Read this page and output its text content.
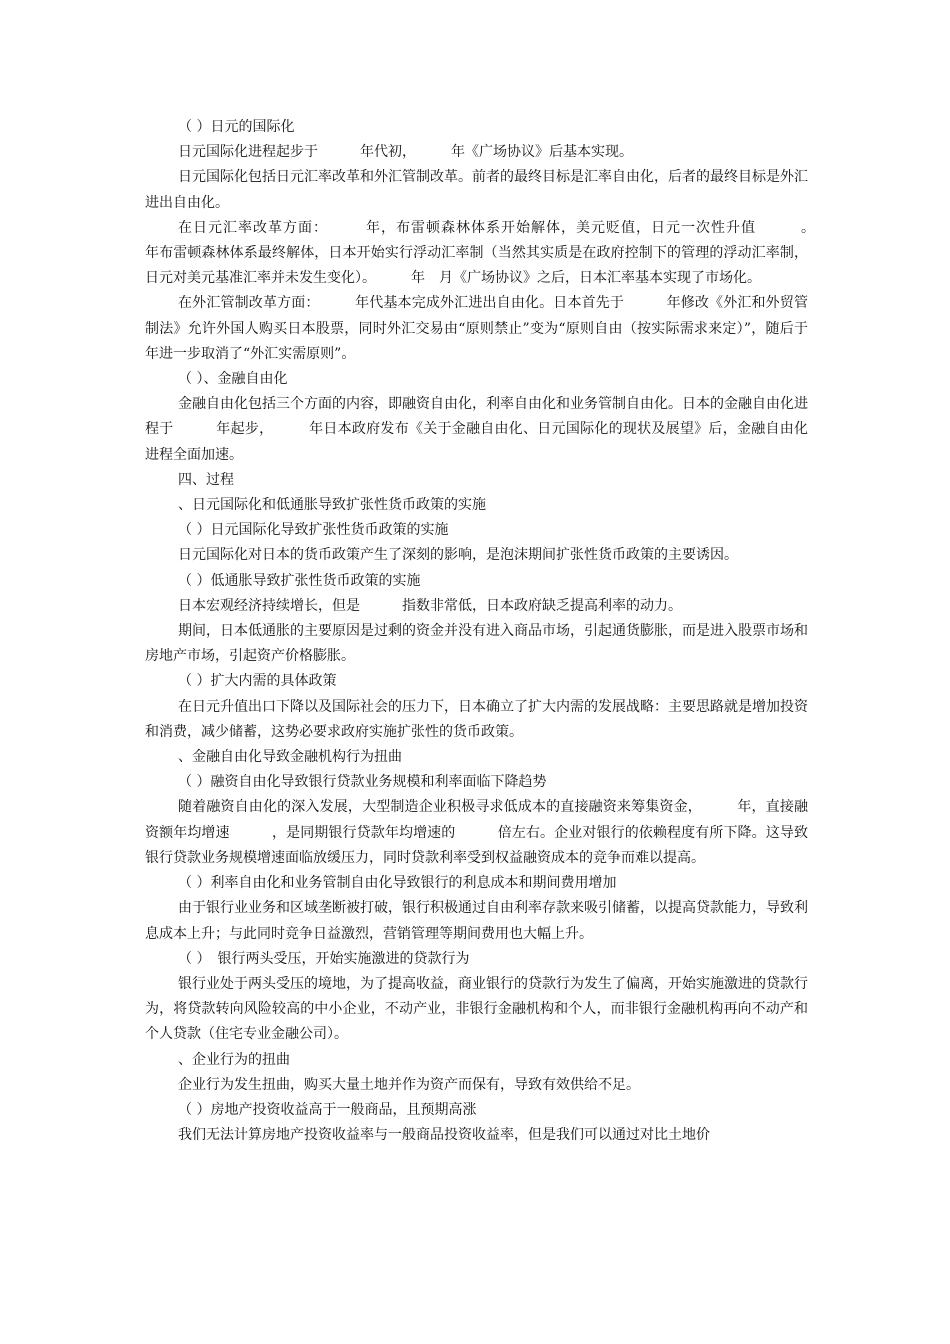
（ ）日元的国际化

日元国际化进程起步于　　　年代初，　　　年《广场协议》后基本实现。

日元国际化包括日元汇率改革和外汇管制改革。前者的最终目标是汇率自由化，后者的最终目标是外汇进出自由化。

在日元汇率改革方面：　　　年，布雷顿森林体系开始解体，美元贬值，日元一次性升值　　　。　　　年布雷顿森林体系最终解体，日本开始实行浮动汇率制（当然其实质是在政府控制下的管理的浮动汇率制，日元对美元基准汇率并未发生变化）。　　　年　月《广场协议》之后，日本汇率基本实现了市场化。

在外汇管制改革方面：　　　年代基本完成外汇进出自由化。日本首先于　　　年修改《外汇和外贸管制法》允许外国人购买日本股票，同时外汇交易由“原则禁止”变为“原则自由（按实际需求来定）”，随后于　　　年进一步取消了“外汇实需原则”。

（ ）、金融自由化

金融自由化包括三个方面的内容，即融资自由化，利率自由化和业务管制自由化。日本的金融自由化进程于　　　年起步，　　　年日本政府发布《关于金融自由化、日元国际化的现状及展望》后，金融自由化进程全面加速。

四、过程

、日元国际化和低通胀导致扩张性货币政策的实施

（ ）日元国际化导致扩张性货币政策的实施

日元国际化对日本的货币政策产生了深刻的影响，是泡沫期间扩张性货币政策的主要诱因。

（ ）低通胀导致扩张性货币政策的实施

日本宏观经济持续增长，但是　　　指数非常低，日本政府缺乏提高利率的动力。

期间，日本低通胀的主要原因是过剩的资金并没有进入商品市场，引起通货膨胀，而是进入股票市场和房地产市场，引起资产价格膨胀。

（ ）扩大内需的具体政策

在日元升值出口下降以及国际社会的压力下，日本确立了扩大内需的发展战略：主要思路就是增加投资和消费，减少储蓄，这势必要求政府实施扩张性的货币政策。

、金融自由化导致金融机构行为扭曲

（ ）融资自由化导致银行贷款业务规模和利率面临下降趋势

随着融资自由化的深入发展，大型制造企业积极寻求低成本的直接融资来筹集资金，　　　年，直接融资额年均增速　　　，是同期银行贷款年均增速的　　　倍左右。企业对银行的依赖程度有所下降。这导致银行贷款业务规模增速面临放缓压力，同时贷款利率受到权益融资成本的竞争而难以提高。

（ ）利率自由化和业务管制自由化导致银行的利息成本和期间费用增加

由于银行业业务和区域垄断被打破，银行积极通过自由利率存款来吸引储蓄，以提高贷款能力，导致利息成本上升；与此同时竞争日益激烈，营销管理等期间费用也大幅上升。

（ ）　银行两头受压，开始实施激进的贷款行为

银行业处于两头受压的境地，为了提高收益，商业银行的贷款行为发生了偏离，开始实施激进的贷款行为，将贷款转向风险较高的中小企业，不动产业，非银行金融机构和个人，而非银行金融机构再向不动产和个人贷款（住宅专业金融公司）。

、企业行为的扭曲

企业行为发生扭曲，购买大量土地并作为资产而保有，导致有效供给不足。

（ ）房地产投资收益高于一般商品，且预期高涨

我们无法计算房地产投资收益率与一般商品投资收益率，但是我们可以通过对比土地价
